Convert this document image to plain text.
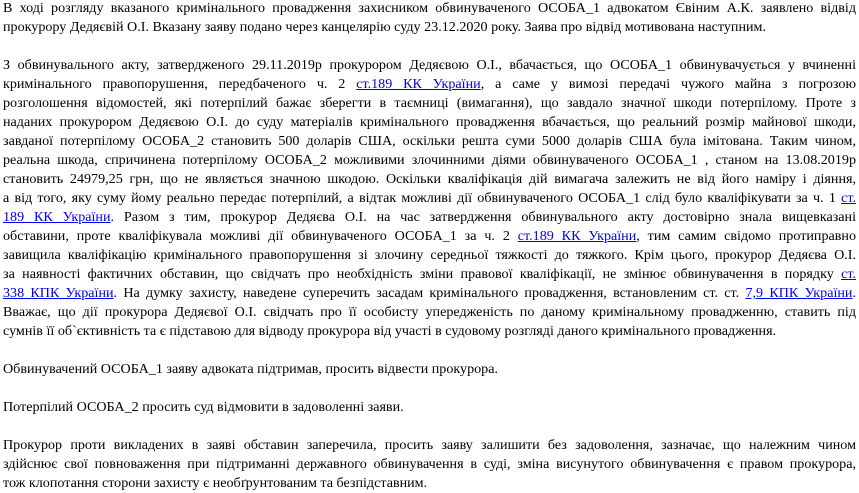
В ходi розгляду вказаного кримінального провадження захисником обвинуваченого ОСОБА_1 адвокатом Євіним А.К. заявлено відвід
прокурору Дедяєвій О.І. Вказану заяву подано через канцелярію суду 23.12.2020 року. Заява про відвід мотивована наступним.
З обвинувального акту, затвердженого 29.11.2019р прокурором Дедяєвою О.І., вбачається, що ОСОБА_1 обвинувачується у вчиненні
кримінального правопорушення, передбаченого ч. 2 ст.189 КК України, а саме у вимозі передачі чужого майна з погрозою
розголошення відомостей, які потерпілий бажає зберегти в таємниці (вимагання), що завдало значної шкоди потерпілому. Проте з
наданих прокурором Дедяєвою О.І. до суду матеріалів кримінального провадження вбачається, що реальний розмір майнової шкоди,
завданої потерпілому ОСОБА_2 становить 500 доларів США, оскільки решта суми 5000 доларів США була імітована. Таким чином,
реальна шкода, спричинена потерпілому ОСОБА_2 можливими злочинними діями обвинуваченого ОСОБА_1 , станом на 13.08.2019р
становить 24979,25 грн, що не являється значною шкодою. Оскільки кваліфікація дій вимагача залежить не від його наміру і діяння,
а від того, яку суму йому реально передає потерпілий, а відтак можливі дії обвинуваченого ОСОБА_1 слід було кваліфікувати за ч. 1 ст.
189 КК України. Разом з тим, прокурор Дедяєва О.І. на час затвердження обвинувального акту достовірно знала вищевказані
обставини, проте кваліфікувала можливі дії обвинуваченого ОСОБА_1 за ч. 2 ст.189 КК України, тим самим свідомо протиправно
завищила кваліфікацію кримінального правопорушення зі злочину середньої тяжкості до тяжкого. Крім цього, прокурор Дедяєва О.І.
за наявності фактичних обставин, що свідчать про необхідність зміни правової кваліфікації, не змінює обвинувачення в порядку ст.
338 КПК України. На думку захисту, наведене суперечить засадам кримінального провадження, встановленим ст. ст. 7,9 КПК України.
Вважає, що дії прокурора Дедяєвої О.І. свідчать про її особисту упередженість по даному кримінальному провадженню, ставить під
сумнів її об`єктивність та є підставою для відводу прокурора від участі в судовому розгляді даного кримінального провадження.
Обвинувачений ОСОБА_1 заяву адвоката підтримав, просить відвести прокурора.
Потерпілий ОСОБА_2 просить суд відмовити в задоволенні заяви.
Прокурор проти викладених в заяві обставин заперечила, просить заяву залишити без задоволення, зазначає, що належним чином
здійснює свої повноваження при підтриманні державного обвинувачення в суді, зміна висунутого обвинувачення є правом прокурора,
тож клопотання сторони захисту є необґрунтованим та безпідставним.
